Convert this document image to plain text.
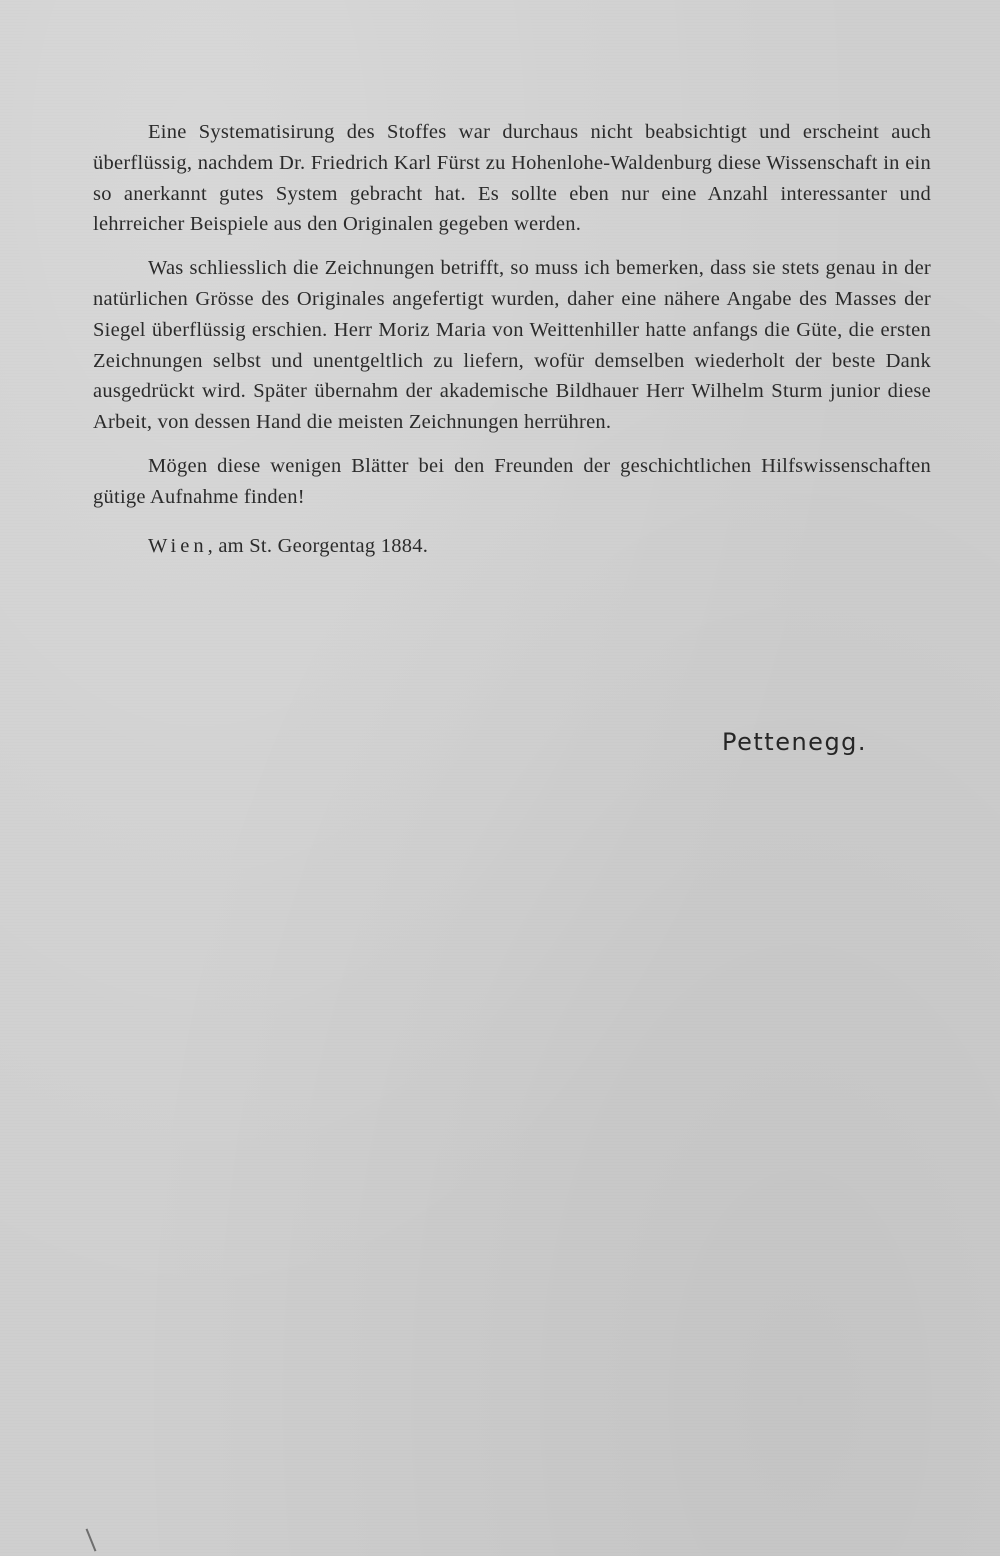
Eine Systematisirung des Stoffes war durchaus nicht beabsichtigt und erscheint auch überflüssig, nachdem Dr. Friedrich Karl Fürst zu Hohenlohe-Waldenburg diese Wissenschaft in ein so anerkannt gutes System gebracht hat. Es sollte eben nur eine Anzahl interessanter und lehrreicher Beispiele aus den Originalen gegeben werden.

Was schliesslich die Zeichnungen betrifft, so muss ich bemerken, dass sie stets genau in der natürlichen Grösse des Originales angefertigt wurden, daher eine nähere Angabe des Masses der Siegel überflüssig erschien. Herr Moriz Maria von Weittenhiller hatte anfangs die Güte, die ersten Zeichnungen selbst und unentgeltlich zu liefern, wofür demselben wiederholt der beste Dank ausgedrückt wird. Später übernahm der akademische Bildhauer Herr Wilhelm Sturm junior diese Arbeit, von dessen Hand die meisten Zeichnungen herrühren.

Mögen diese wenigen Blätter bei den Freunden der geschichtlichen Hilfswissenschaften gütige Aufnahme finden!

Wien, am St. Georgentag 1884.

Pettenegg.
